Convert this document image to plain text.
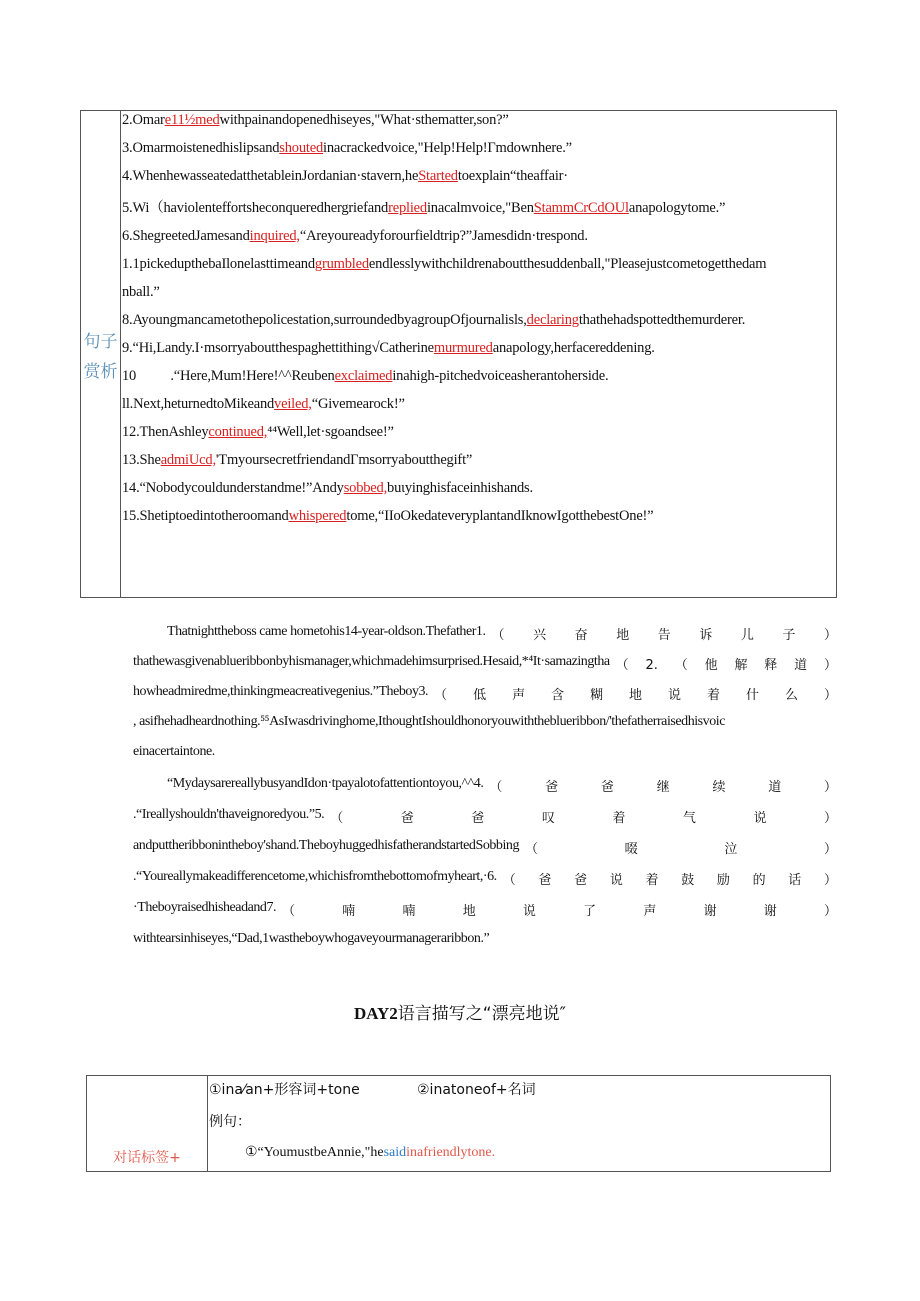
句子
赏析
2.Omare11½medwithpainandopenedhiseyes,"What·sthematter,son?”
3.Omarmoistenedhislipsandshoutedinacrackedvoice,"Help!Help!Γmdownhere.”
4.WhenhewasseatedatthetableinJordanian·stavern,heStartedtoexplain“theaffair·
5.Wi（haviolenteffortsheconqueredhergriefandrepliedinacalmvoice,"BenStammCrCdOUlanapologytome.”
6.ShegreetedJamesandinquired,“Areyoureadyforourfieldtrip?”Jamesdidn·trespond.
1.1pickedupthebaIlonelasttimeandgrumbledendlesslywithchildrenaboutthesuddenball,"Pleasejustcometogetthedam
nball.”
8.Ayoungmancametothepolicestation,surroundedbyagroupOfjournalisls,declaringthathehadspottedthemurderer.
9.“Hi,Landy.I·msorryaboutthespaghettithing√Catherinemurmuredanapology,herfacereddening.
10          .“Here,Mum!Here!^^Reubenexclaimedinahigh-pitchedvoiceasherantoherside.
ll.Next,heturnedtoMikeandveiled,“Givemearock!”
12.ThenAshleycontinued,⁴⁴Well,let·sgoandsee!”
13.SheadmiUcd,'TmyoursecretfriendandΓmsorryaboutthegift”
14.“Nobodycouldunderstandme!”Andysobbed,buιyinghisfaceinhishands.
15.Shetiptoedintotheroomandwhisperedtome,“IIoOkedateveryplantandIknowIgotthebestOne!”
Thatnighttheboss came hometohis14-year-oldson.Thefather1. （兴奋地告诉儿子）
thathewasgivenablueribbonbyhismanager,whichmadehimsurprised.Hesaid,*⁴It·samazingtha （2.（他解释道）
howheadmiredme,thinkingmeacreativegenius.”Theboy3. （低声含糊地说着什么）
, asifhehadheardnothing.⁵⁵AsIwasdrivinghome,IthoughtIshouldhonoryouwiththeblueribbon/'thefatherraisedhisvoic
einacertaintone.
“MydaysarereallybusyandIdon·tpayalotofattentiontoyou,^^4. （爸爸继续道）
.“Ireallyshouldn'thaveignoredyou.”5. （爸爸叹着气说）
andputtheribbonintheboy'shand.TheboyhuggedhisfatherandstartedSobbing （啜泣）
.“Youreallymakeadifferencetome,whichisfromthebottomofmyheart,·6. （爸爸说着鼓励的话）
·Theboyraisedhisheadand7. （喃喃地说了声谢谢）
withtearsinhiseyes,“Dad,1wastheboywhogaveyourmanageraribbon.”
DAY2语言描写之“漂亮地说″
对话标签+
①ina⁄an+形容词+tone	②inatoneof+名词
例句：
①“YoumustbeAnnie,"hesaidinafriendlytone.
